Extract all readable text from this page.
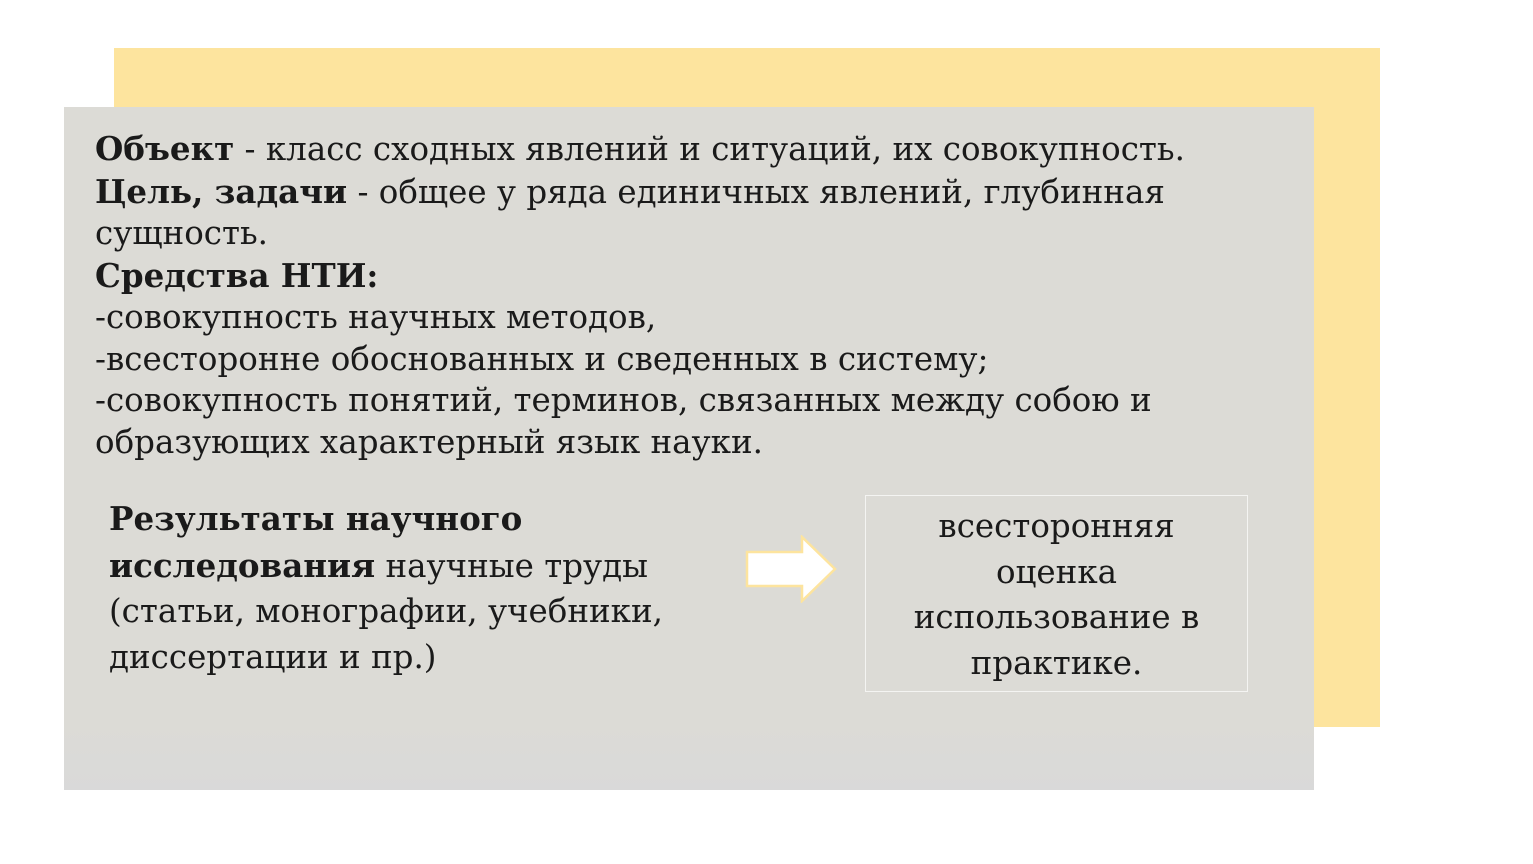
Объект - класс сходных явлений и ситуаций, их совокупность.
Цель, задачи - общее у ряда единичных явлений, глубинная
сущность.
Средства НТИ:
-совокупность научных методов,
-всесторонне обоснованных и сведенных в систему;
-совокупность понятий, терминов, связанных между собою и
образующих характерный язык науки.
Результаты научного
исследования научные труды
(статьи, монографии, учебники,
диссертации и пр.)
всесторонняя
оценка
использование в
практике.
